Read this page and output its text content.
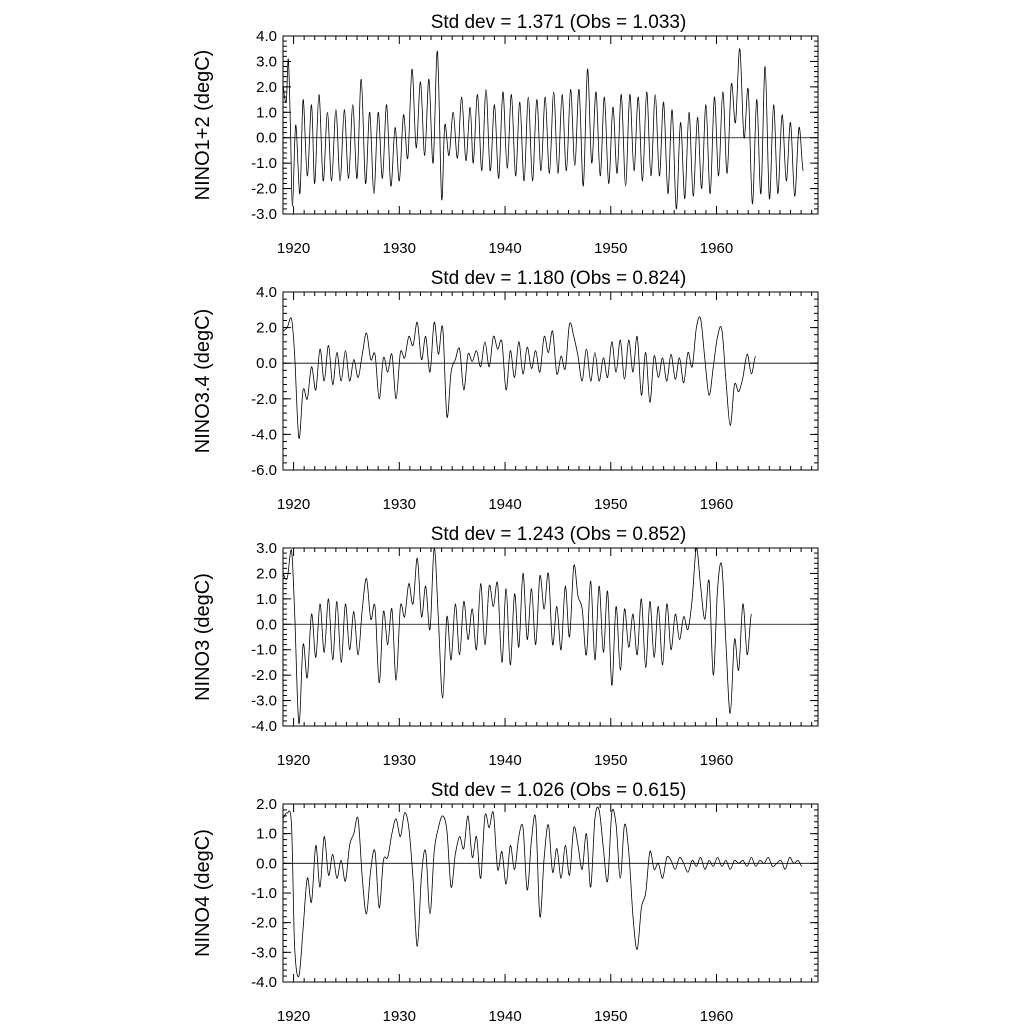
Std dev = 1.371 (Obs = 1.033)
NINO1+2 (degC)
4.0
3.0
2.0
1.0
0.0
-1.0
-2.0
-3.0
1920	1930	1940	1950	1960
Std dev = 1.180 (Obs = 0.824)
NINO3.4 (degC)
4.0
2.0
0.0
-2.0
-4.0
-6.0
1920	1930	1940	1950	1960
Std dev = 1.243 (Obs = 0.852)
NINO3 (degC)
3.0
2.0
1.0
0.0
-1.0
-2.0
-3.0
-4.0
1920	1930	1940	1950	1960
Std dev = 1.026 (Obs = 0.615)
NINO4 (degC)
2.0
1.0
0.0
-1.0
-2.0
-3.0
-4.0
1920	1930	1940	1950	1960
